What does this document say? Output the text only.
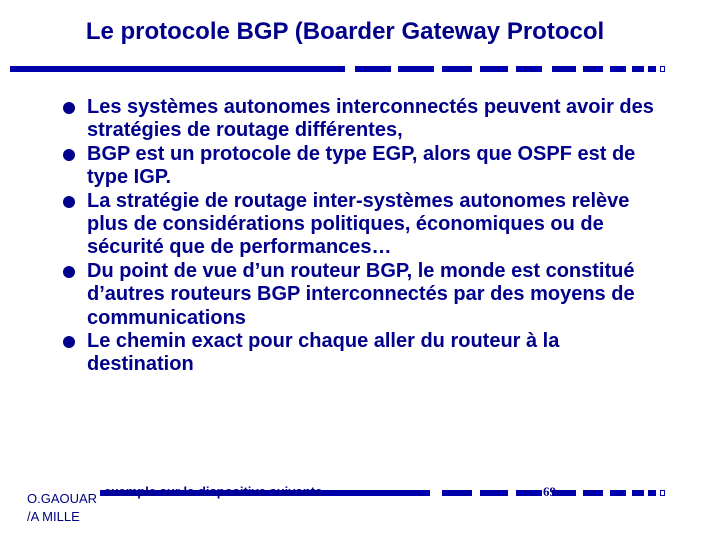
Le protocole BGP (Boarder Gateway Protocol
Les systèmes autonomes interconnectés peuvent avoir des stratégies de routage différentes,
BGP est un protocole de type EGP, alors que OSPF est de type IGP.
La stratégie de routage inter-systèmes autonomes relève plus de considérations politiques, économiques ou de sécurité que de performances…
Du point de vue d’un routeur BGP, le monde est constitué d’autres routeurs BGP interconnectés par des moyens de communications
Le chemin exact pour chaque aller du routeur à la destination
O.GAOUAR
/A MILLE
exemple sur la dispositive suivante	69
